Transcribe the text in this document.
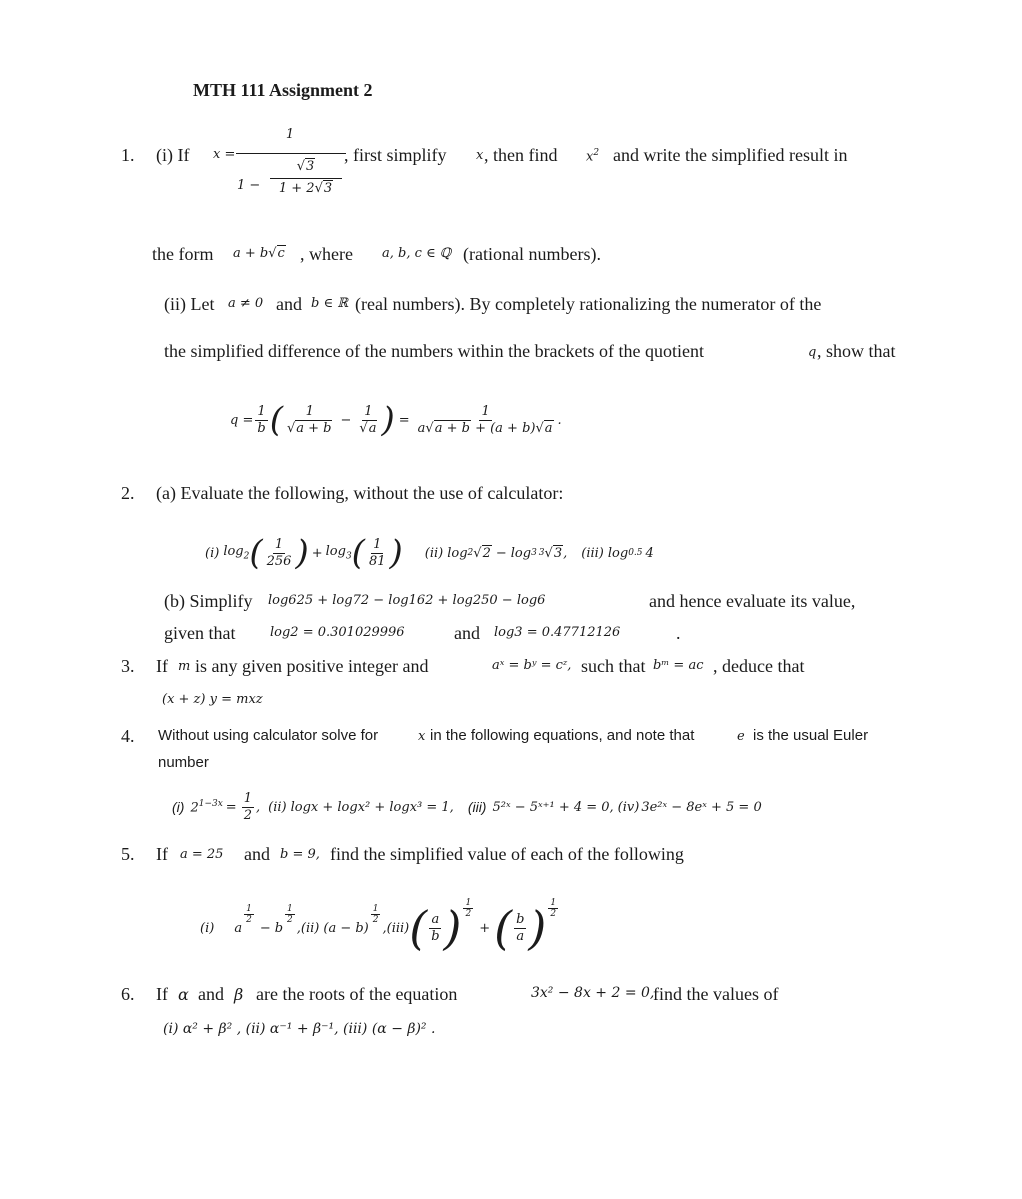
MTH 111 Assignment 2
1. (i) If x =
1
1 −
√3
1 + 2√3
, first simplify x , then find $x^2$ and write the simplified result in
the form a + b√c , where a, b, c ∈ ℚ (rational numbers).
(ii) Let a ≠ 0 and b ∈ ℝ (real numbers). By completely rationalizing the numerator of the
the simplified difference of the numbers within the brackets of the quotient	q , show that
$q = \frac{1}{b}$ ( $\frac{1}{√a + b} - \frac{1}{√a}$ ) = $\frac{1}{a√a + b + (a + b)√a}$ .
2. (a) Evaluate the following, without the use of calculator:
(i) $\log_2$ ( $\frac{1}{256}$ ) + $\log_3$ ( $\frac{1}{81}$ ) (ii) log 2 √ 2 − log 3 3 √ 3 , (iii) log 0.5 4
(b) Simplify log625 + log72 − log162 + log250 − log6	and hence evaluate its value,
given that	log2 = 0.301029996	and log3 = 0.47712126	.
3. If m is any given positive integer and	aˣ = bʸ = cᶻ, such that bᵐ = ac , deduce that
(x + z) y = mxz
4. Without using calculator solve for	x in the following equations, and note that	e is the usual Euler
number
(i) $2^{1-3x} = \frac{1}{2}$ , (ii) logx + logx² + logx³ = 1, (iii) 5²ˣ − 5ˣ⁺¹ + 4 = 0, (iv) 3e²ˣ − 8eˣ + 5 = 0
5. If a = 25 and b = 9, find the simplified value of each of the following
(i) a
$\frac{1}{2}$
− b
$\frac{1}{2}$
,(ii) (a − b)
$\frac{1}{2}$
,(iii) ( $\frac{a}{b}$ ) $\frac{1}{2}$
+ ( $\frac{b}{a}$ ) $\frac{1}{2}$
6. If α and β are the roots of the equation	3x² − 8x + 2 = 0,
find the values of
(i) α² + β² , (ii) α⁻¹ + β⁻¹, (iii) (α − β)² .
